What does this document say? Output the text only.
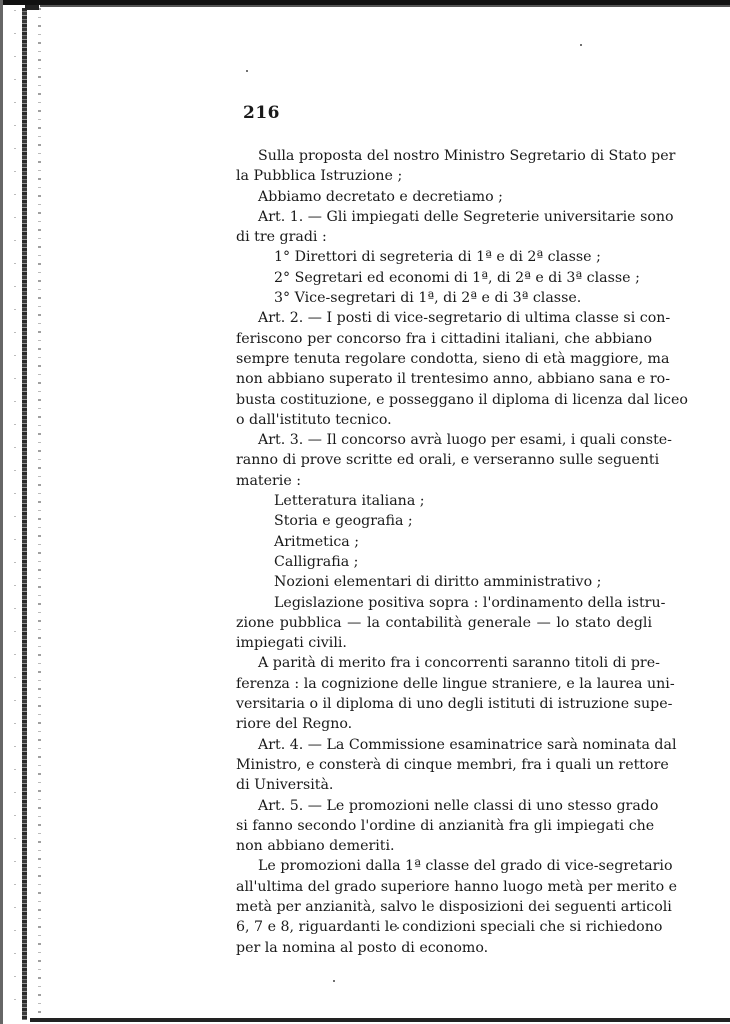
216
Sulla proposta del nostro Ministro Segretario di Stato per
la Pubblica Istruzione ;
Abbiamo decretato e decretiamo ;
Art. 1. — Gli impiegati delle Segreterie universitarie sono
di tre gradi :
1° Direttori di segreteria di 1ª e di 2ª classe ;
2° Segretari ed economi di 1ª, di 2ª e di 3ª classe ;
3° Vice-segretari di 1ª, di 2ª e di 3ª classe.
Art. 2. — I posti di vice-segretario di ultima classe si con-
feriscono per concorso fra i cittadini italiani, che abbiano
sempre tenuta regolare condotta, sieno di età maggiore, ma
non abbiano superato il trentesimo anno, abbiano sana e ro-
busta costituzione, e posseggano il diploma di licenza dal liceo
o dall'istituto tecnico.
Art. 3. — Il concorso avrà luogo per esami, i quali conste-
ranno di prove scritte ed orali, e verseranno sulle seguenti
materie :
Letteratura italiana ;
Storia e geografia ;
Aritmetica ;
Calligrafia ;
Nozioni elementari di diritto amministrativo ;
Legislazione positiva sopra : l'ordinamento della istru-
zione pubblica — la contabilità generale — lo stato degli
impiegati civili.
A parità di merito fra i concorrenti saranno titoli di pre-
ferenza : la cognizione delle lingue straniere, e la laurea uni-
versitaria o il diploma di uno degli istituti di istruzione supe-
riore del Regno.
Art. 4. — La Commissione esaminatrice sarà nominata dal
Ministro, e consterà di cinque membri, fra i quali un rettore
di Università.
Art. 5. — Le promozioni nelle classi di uno stesso grado
si fanno secondo l'ordine di anzianità fra gli impiegati che
non abbiano demeriti.
Le promozioni dalla 1ª classe del grado di vice-segretario
all'ultima del grado superiore hanno luogo metà per merito e
metà per anzianità, salvo le disposizioni dei seguenti articoli
6, 7 e 8, riguardanti le condizioni speciali che si richiedono
per la nomina al posto di economo.
